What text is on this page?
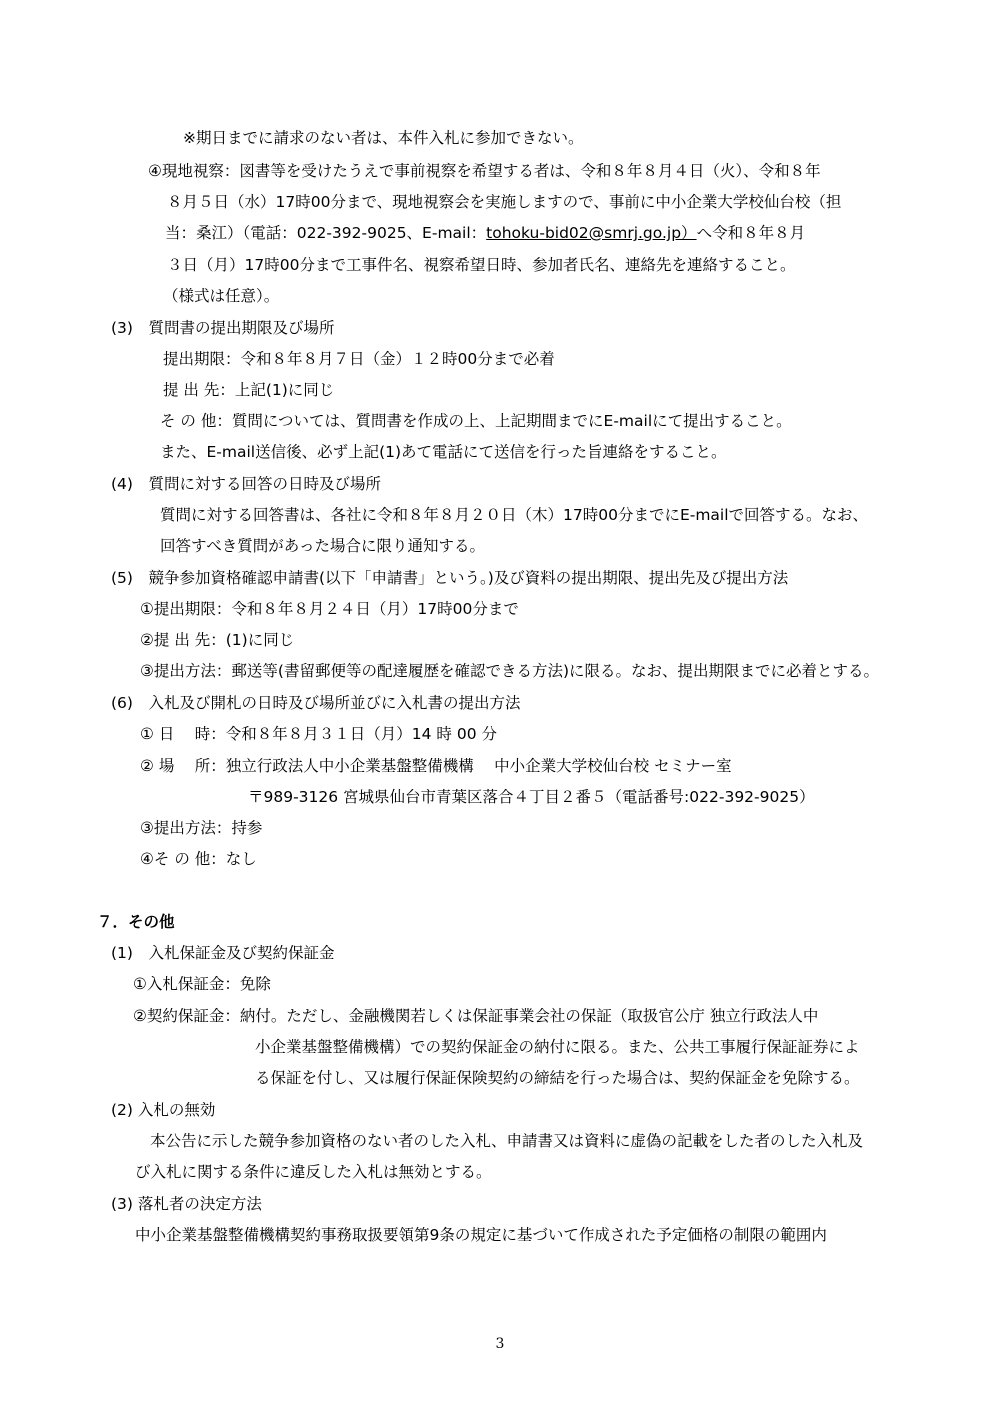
※期日までに請求のない者は、本件入札に参加できない。
④現地視察：図書等を受けたうえで事前視察を希望する者は、令和８年８月４日（火）、令和８年
８月５日（水）17時00分まで、現地視察会を実施しますので、事前に中小企業大学校仙台校（担
当：桑江）（電話：022-392-9025、E-mail：tohoku-bid02@smrj.go.jp）へ令和８年８月
３日（月）17時00分まで工事件名、視察希望日時、参加者氏名、連絡先を連絡すること。
（様式は任意）。
(3)　質問書の提出期限及び場所
提出期限：令和８年８月７日（金）１２時00分まで必着
提 出 先：上記(1)に同じ
そ の 他：質問については、質問書を作成の上、上記期間までにE-mailにて提出すること。
また、E-mail送信後、必ず上記(1)あて電話にて送信を行った旨連絡をすること。
(4)　質問に対する回答の日時及び場所
質問に対する回答書は、各社に令和８年８月２０日（木）17時00分までにE-mailで回答する。なお、
回答すべき質問があった場合に限り通知する。
(5)　競争参加資格確認申請書(以下「申請書」という。)及び資料の提出期限、提出先及び提出方法
①提出期限：令和８年８月２４日（月）17時00分まで
②提 出 先：(1)に同じ
③提出方法：郵送等(書留郵便等の配達履歴を確認できる方法)に限る。なお、提出期限までに必着とする。
(6)　入札及び開札の日時及び場所並びに入札書の提出方法
① 日　 時：令和８年８月３１日（月）14 時 00 分
② 場　 所：独立行政法人中小企業基盤整備機構　 中小企業大学校仙台校 セミナー室
〒989-3126 宮城県仙台市青葉区落合４丁目２番５（電話番号:022-392-9025）
③提出方法：持参
④そ の 他：なし
７．その他
(1)　入札保証金及び契約保証金
①入札保証金：免除
②契約保証金：納付。ただし、金融機関若しくは保証事業会社の保証（取扱官公庁 独立行政法人中
小企業基盤整備機構）での契約保証金の納付に限る。また、公共工事履行保証証券によ
る保証を付し、又は履行保証保険契約の締結を行った場合は、契約保証金を免除する。
(2) 入札の無効
本公告に示した競争参加資格のない者のした入札、申請書又は資料に虚偽の記載をした者のした入札及
び入札に関する条件に違反した入札は無効とする。
(3) 落札者の決定方法
中小企業基盤整備機構契約事務取扱要領第9条の規定に基づいて作成された予定価格の制限の範囲内
3
